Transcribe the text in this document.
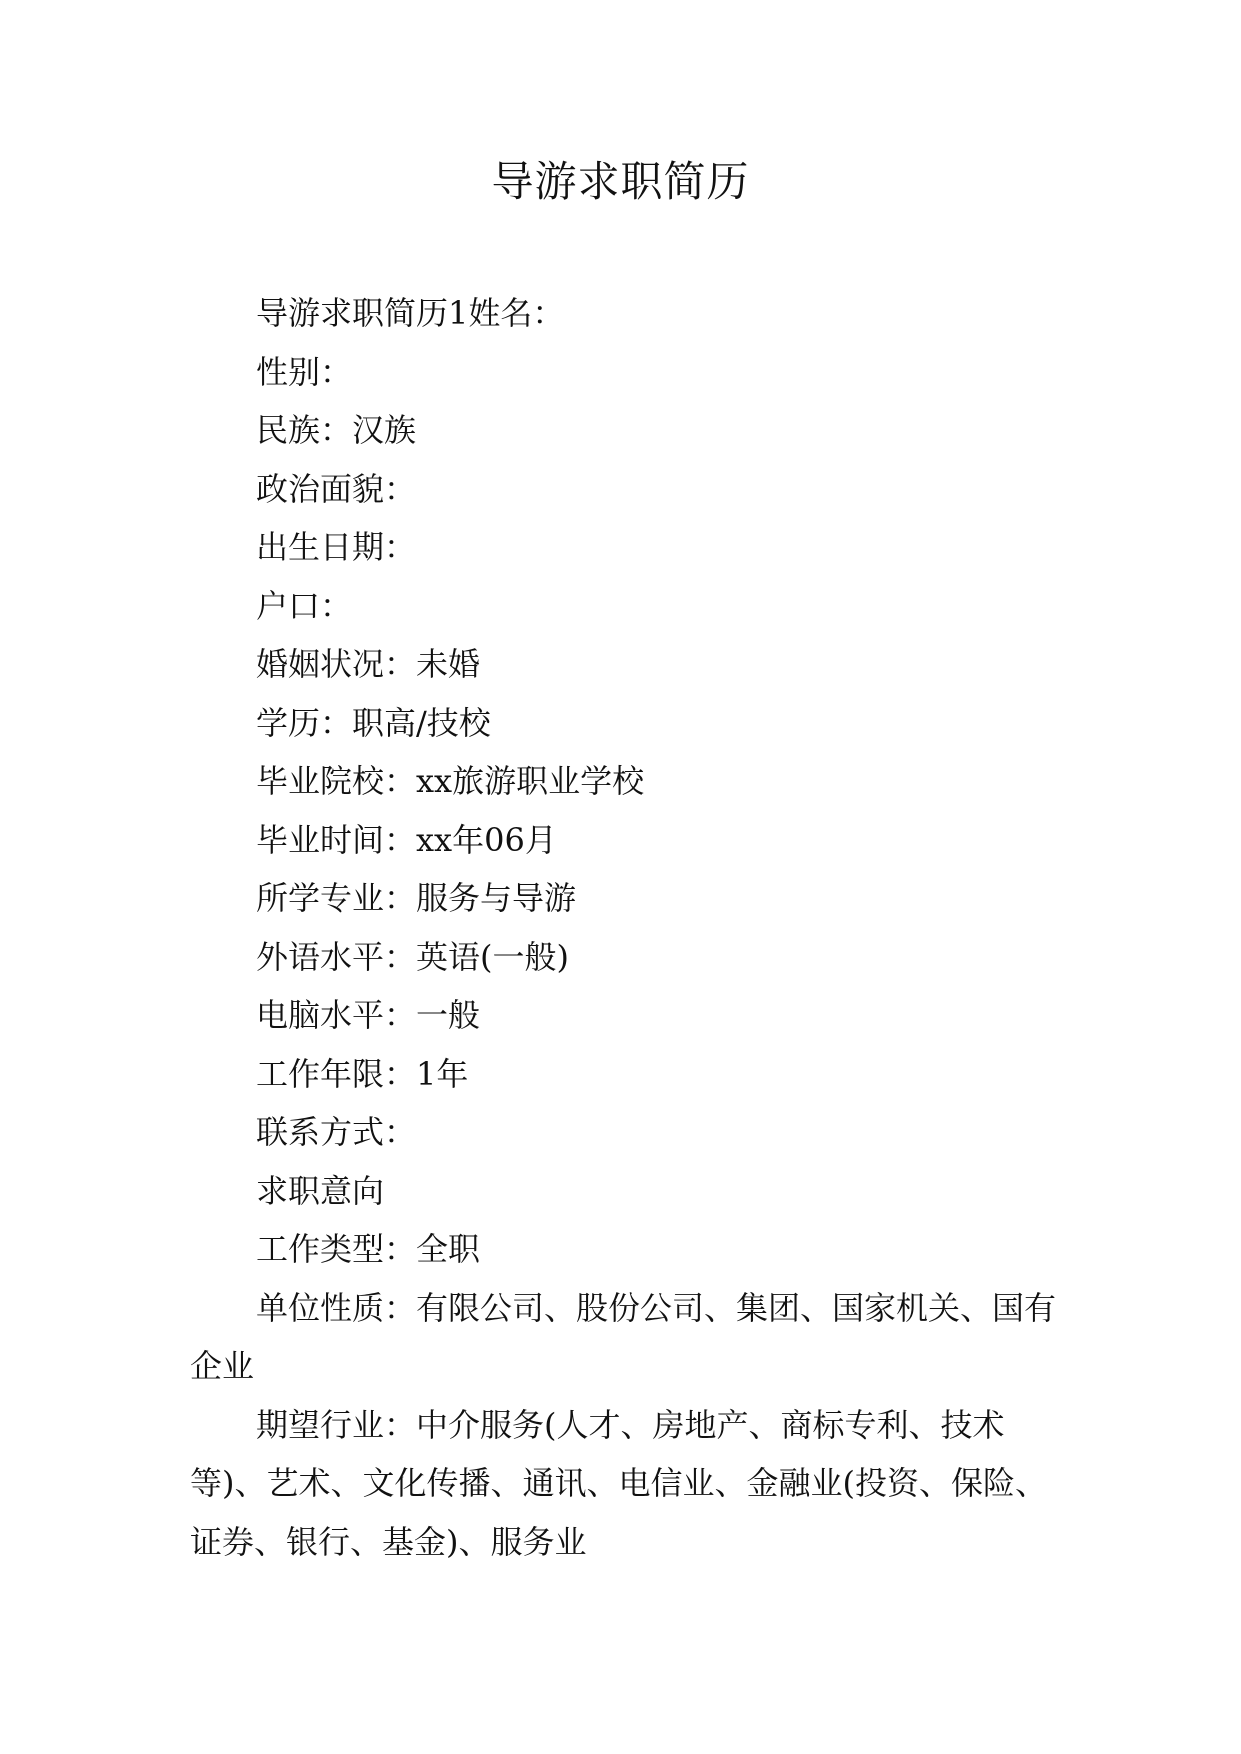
导游求职简历

导游求职简历1姓名：

性别：

民族：汉族

政治面貌：

出生日期：

户口：

婚姻状况：未婚

学历：职高/技校

毕业院校：xx旅游职业学校

毕业时间：xx年06月

所学专业：服务与导游

外语水平：英语(一般)

电脑水平：一般

工作年限：1年

联系方式：

求职意向

工作类型：全职

单位性质：有限公司、股份公司、集团、国家机关、国有企业

期望行业：中介服务(人才、房地产、商标专利、技术等)、艺术、文化传播、通讯、电信业、金融业(投资、保险、证券、银行、基金)、服务业
